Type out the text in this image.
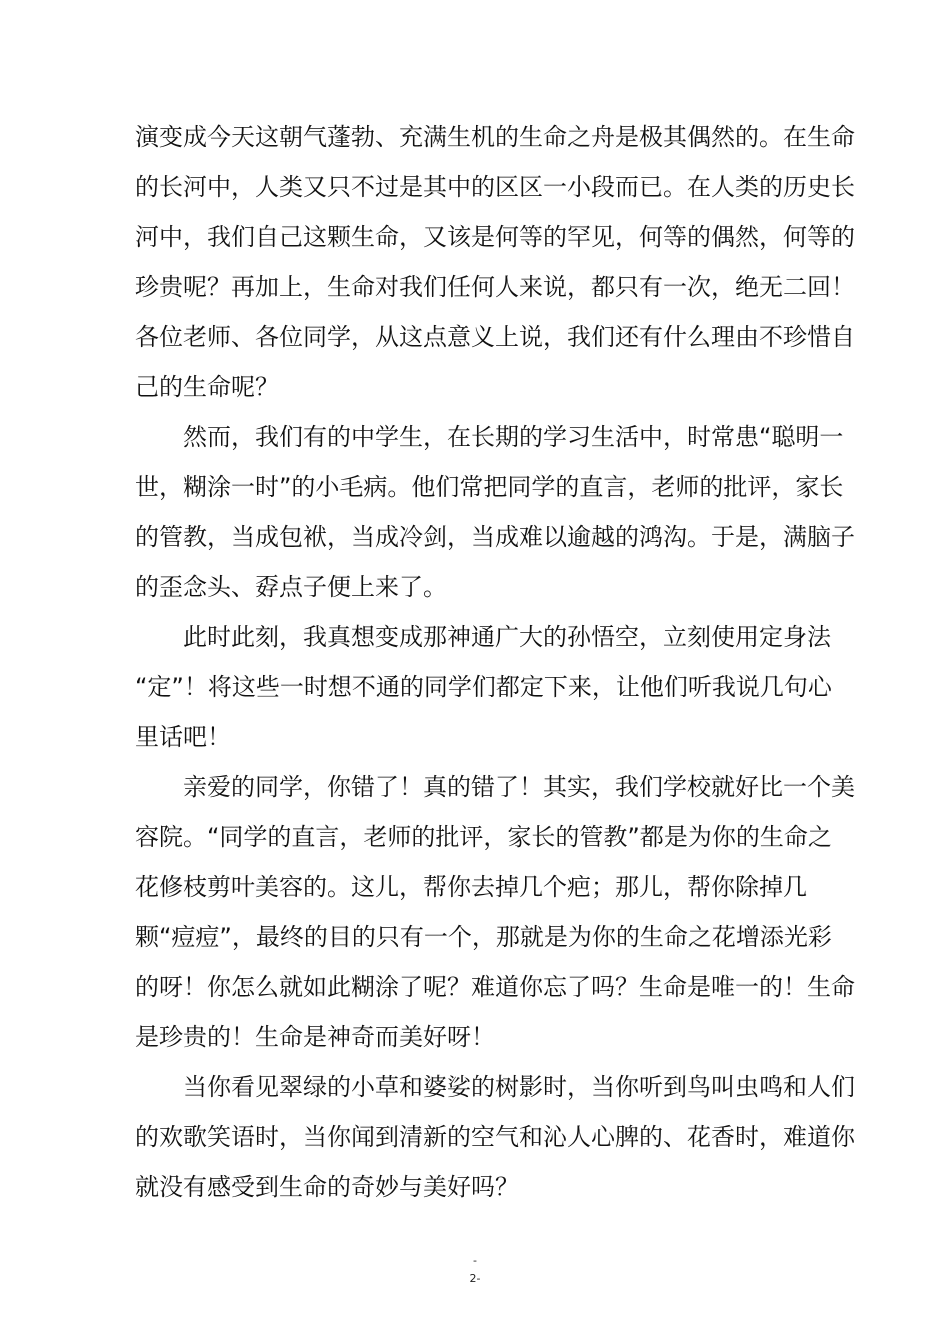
演变成今天这朝气蓬勃、充满生机的生命之舟是极其偶然的。在生命
的长河中，人类又只不过是其中的区区一小段而已。在人类的历史长
河中，我们自己这颗生命，又该是何等的罕见，何等的偶然，何等的
珍贵呢？再加上，生命对我们任何人来说，都只有一次，绝无二回！
各位老师、各位同学，从这点意义上说，我们还有什么理由不珍惜自
己的生命呢？
　　然而，我们有的中学生，在长期的学习生活中，时常患“聪明一
世，糊涂一时”的小毛病。他们常把同学的直言，老师的批评，家长
的管教，当成包袱，当成冷剑，当成难以逾越的鸿沟。于是，满脑子
的歪念头、孬点子便上来了。
　　此时此刻，我真想变成那神通广大的孙悟空，立刻使用定身法
“定”！将这些一时想不通的同学们都定下来，让他们听我说几句心
里话吧！
　　亲爱的同学，你错了！真的错了！其实，我们学校就好比一个美
容院。“同学的直言，老师的批评，家长的管教”都是为你的生命之
花修枝剪叶美容的。这儿，帮你去掉几个疤；那儿，帮你除掉几
颗“痘痘”，最终的目的只有一个，那就是为你的生命之花增添光彩
的呀！你怎么就如此糊涂了呢？难道你忘了吗？生命是唯一的！生命
是珍贵的！生命是神奇而美好呀！
　　当你看见翠绿的小草和婆娑的树影时，当你听到鸟叫虫鸣和人们
的欢歌笑语时，当你闻到清新的空气和沁人心脾的、花香时，难道你
就没有感受到生命的奇妙与美好吗？
-
2-
